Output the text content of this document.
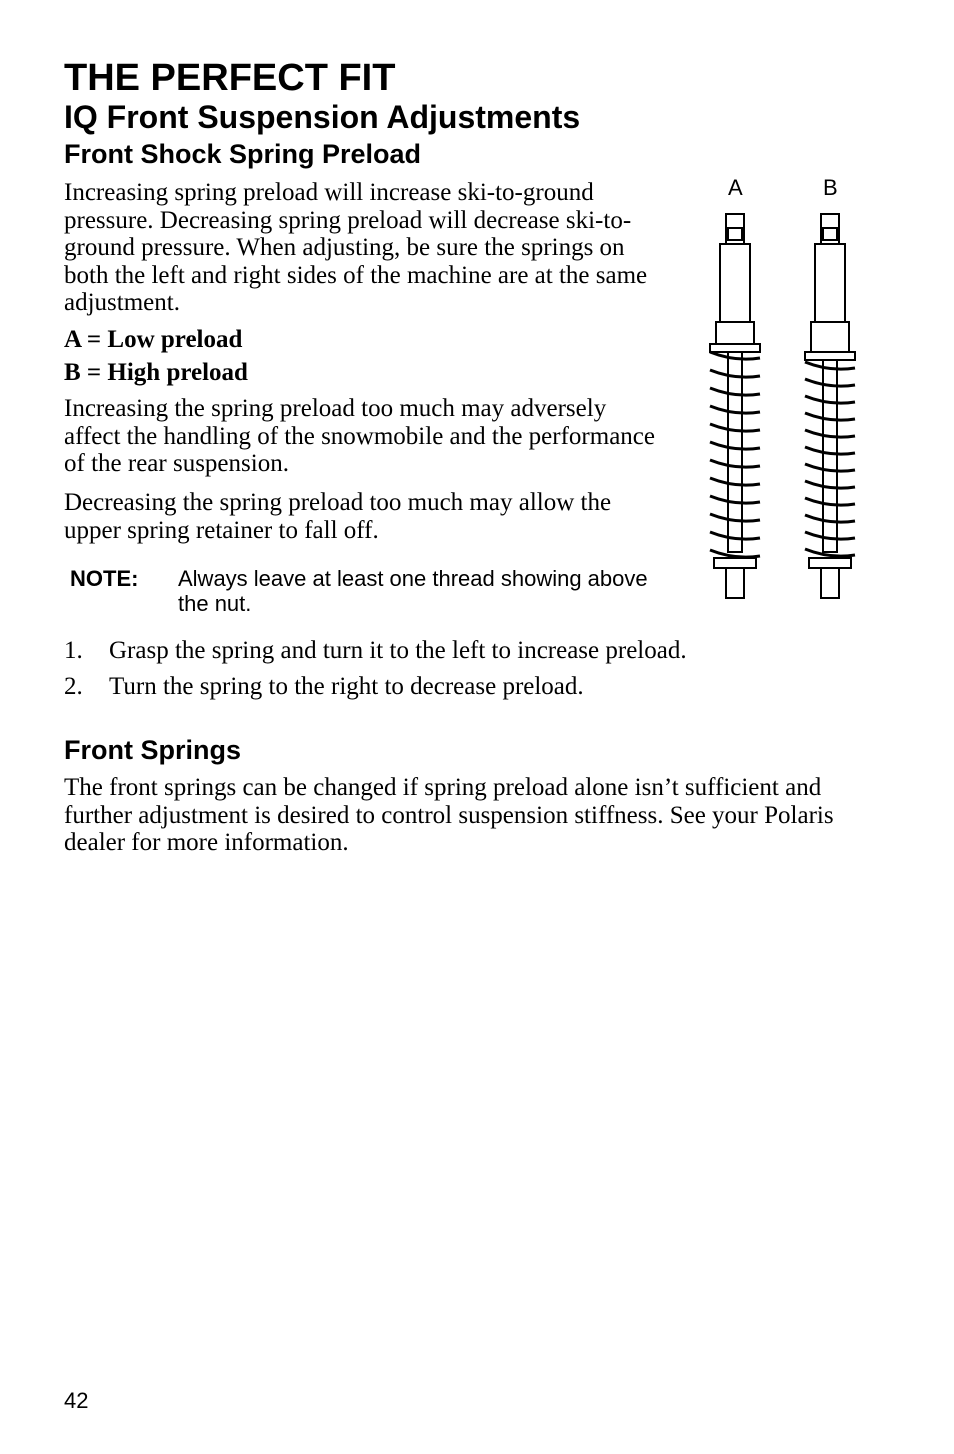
THE PERFECT FIT
IQ Front Suspension Adjustments
Front Shock Spring Preload

Increasing spring preload will increase ski-to-ground pressure. Decreasing spring preload will decrease ski-to-ground pressure. When adjusting, be sure the springs on both the left and right sides of the machine are at the same adjustment.

A = Low preload
B = High preload

Increasing the spring preload too much may adversely affect the handling of the snowmobile and the performance of the rear suspension.

Decreasing the spring preload too much may allow the upper spring retainer to fall off.

NOTE: Always leave at least one thread showing above the nut.
1. Grasp the spring and turn it to the left to increase preload.
2. Turn the spring to the right to decrease preload.
Front Springs

The front springs can be changed if spring preload alone isn’t sufficient and further adjustment is desired to control suspension stiffness. See your Polaris dealer for more information.

A	B
42
